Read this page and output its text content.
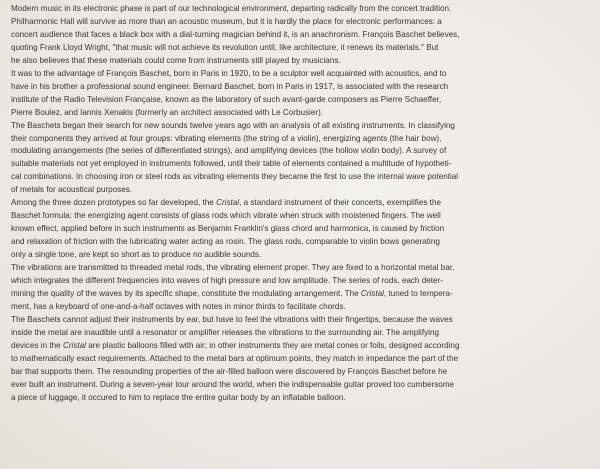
Modern music in its electronic phase is part of our technological environment, departing radically from the concert tradition.
Philharmonic Hall will survive as more than an acoustic museum, but it is hardly the place for electronic performances: a
concert audience that faces a black box with a dial-turning magician behind it, is an anachronism. François Baschet believes,
quoting Frank Lloyd Wright, "that music will not achieve its revolution until, like architecture, it renews its materials." But
he also believes that these materials could come from instruments still played by musicians.

It was to the advantage of François Baschet, born in Paris in 1920, to be a sculptor well acquainted with acoustics, and to
have in his brother a professional sound engineer. Bernard Baschet, born in Paris in 1917, is associated with the research
institute of the Radio Television Française, known as the laboratory of such avant-garde composers as Pierre Schaeffer,
Pierre Boulez, and Iannis Xenakis (formerly an architect associated with Le Corbusier).

The Baschets began their search for new sounds twelve years ago with an analysis of all existing instruments. In classifying
their components they arrived at four groups: vibrating elements (the string of a violin), energizing agents (the hair bow),
modulating arrangements (the series of differentiated strings), and amplifying devices (the hollow violin body). A survey of
suitable materials not yet employed in instruments followed, until their table of elements contained a multitude of hypotheti-
cal combinations. In choosing iron or steel rods as vibrating elements they became the first to use the internal wave potential
of metals for acoustical purposes.

Among the three dozen prototypes so far developed, the Cristal, a standard instrument of their concerts, exemplifies the
Baschet formula: the energizing agent consists of glass rods which vibrate when struck with moistened fingers. The well
known effect, applied before in such instruments as Benjamin Franklin's glass chord and harmonica, is caused by friction
and relaxation of friction with the lubricating water acting as rosin. The glass rods, comparable to violin bows generating
only a single tone, are kept so short as to produce no audible sounds.

The vibrations are transmitted to threaded metal rods, the vibrating element proper. They are fixed to a horizontal metal bar,
which integrates the different frequencies into waves of high pressure and low amplitude. The series of rods, each deter-
mining the quality of the waves by its specific shape, constitute the modulating arrangement. The Cristal, tuned to tempera-
ment, has a keyboard of one-and-a-half octaves with notes in minor thirds to facilitate chords.

The Baschets cannot adjust their instruments by ear, but have to feel the vibrations with their fingertips, because the waves
inside the metal are inaudible until a resonator or amplifier releases the vibrations to the surrounding air. The amplifying
devices in the Cristal are plastic balloons filled with air; in other instruments they are metal cones or foils, designed according
to mathematically exact requirements. Attached to the metal bars at optimum points, they match in impedance the part of the
bar that supports them. The resounding properties of the air-filled balloon were discovered by François Baschet before he
ever built an instrument. During a seven-year tour around the world, when the indispensable guitar proved too cumbersome
a piece of luggage, it occured to him to replace the entire guitar body by an inflatable balloon.
